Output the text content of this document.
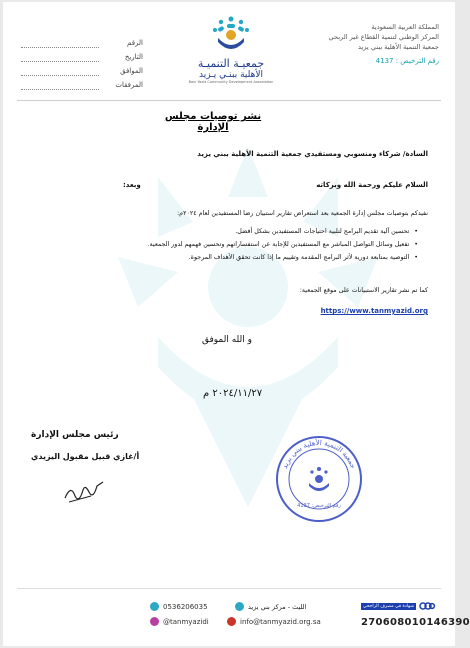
المملكة العربية السعودية
المركز الوطني لتنمية القطاع غير الربحي
جمعية التنمية الأهلية ببني يزيد
رقم الترخيص : 4137
جمعيـة التنميـة
الأهلية ببنـي يـزيد
Bani Yazid Community Development Association
الرقم
التاريخ
الموافق
المرفقات
نشر توصيات مجلس الإدارة
السادة/ شركاء ومنسوبي ومستفيدي جمعية التنمية الأهلية ببني يزيد
السلام عليكم ورحمة الله وبركاته
وبعد:
نفيدكم بتوصيات مجلس إدارة الجمعية بعد استعراض تقارير استبيان رضا المستفيدين لعام ٢٠٢٤م:
• تحسين آلية تقديم البرامج لتلبية احتياجات المستفيدين بشكل أفضل.
• تفعيل وسائل التواصل المباشر مع المستفيدين للإجابة عن استفساراتهم وتحسين فهمهم لدور الجمعية.
• التوصية بمتابعة دورية لأثر البرامج المقدمة وتقييم ما إذا كانت تحقق الأهداف المرجوة.
كما تم نشر تقارير الاستبيانات على موقع الجمعية:
https://www.tanmyazid.org
و الله الموفق
٢٠٢٤/١١/٢٧ م
رئيس مجلس الإدارة
أ/غازي قبيل مقبول اليزيدي
جمعية التنمية الأهلية ببني يزيد
رقم الترخيص: 4137
0536206035	الليث - مركز بني يزيد
@tanmyazidi	info@tanmyazid.org.sa
شهادة في مصرف الراجحي
270608010146390
